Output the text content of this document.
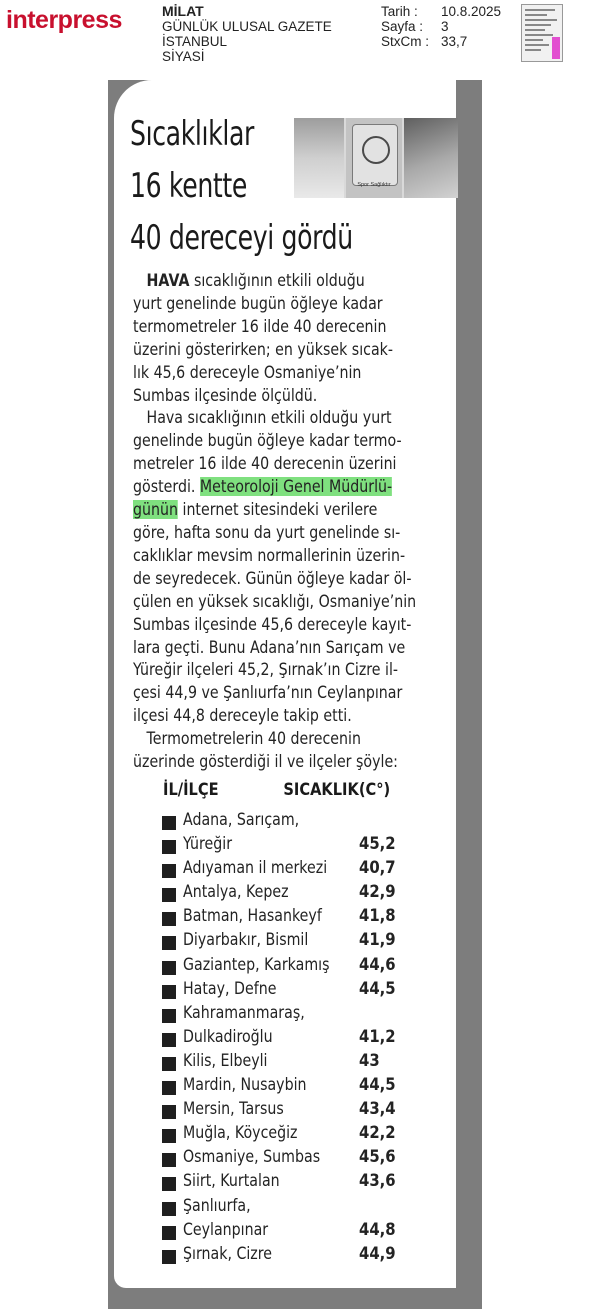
interpress	MİLAT
GÜNLÜK ULUSAL GAZETE
İSTANBUL
SİYASİ
Tarih :	10.8.2025
Sayfa :	3
StxCm : 33,7
Sıcaklıklar
16 kentte
40 dereceyi gördü
Spor Sağlıktır
HAVA sıcaklığının etkili olduğu
yurt genelinde bugün öğleye kadar
termometreler 16 ilde 40 derecenin
üzerini gösterirken; en yüksek sıcak-
lık 45,6 dereceyle Osmaniye’nin
Sumbas ilçesinde ölçüldü.
Hava sıcaklığının etkili olduğu yurt
genelinde bugün öğleye kadar termo-
metreler 16 ilde 40 derecenin üzerini
gösterdi. Meteoroloji Genel Müdürlü-
günün internet sitesindeki verilere
göre, hafta sonu da yurt genelinde sı-
caklıklar mevsim normallerinin üzerin-
de seyredecek. Günün öğleye kadar öl-
çülen en yüksek sıcaklığı, Osmaniye’nin
Sumbas ilçesinde 45,6 dereceyle kayıt-
lara geçti. Bunu Adana’nın Sarıçam ve
Yüreğir ilçeleri 45,2, Şırnak’ın Cizre il-
çesi 44,9 ve Şanlıurfa’nın Ceylanpınar
ilçesi 44,8 dereceyle takip etti.
Termometrelerin 40 derecenin
üzerinde gösterdiği il ve ilçeler şöyle:
İL/İLÇE	SICAKLIK(C°)
Adana, Sarıçam,
Yüreğir	45,2
Adıyaman il merkezi 40,7
Antalya, Kepez	42,9
Batman, Hasankeyf 41,8
Diyarbakır, Bismil	41,9
Gaziantep, Karkamış 44,6
Hatay, Defne	44,5
Kahramanmaraş,
Dulkadiroğlu	41,2
Kilis, Elbeyli	43
Mardin, Nusaybin	44,5
Mersin, Tarsus	43,4
Muğla, Köyceğiz	42,2
Osmaniye, Sumbas 45,6
Siirt, Kurtalan	43,6
Şanlıurfa,
Ceylanpınar	44,8
Şırnak, Cizre	44,9
